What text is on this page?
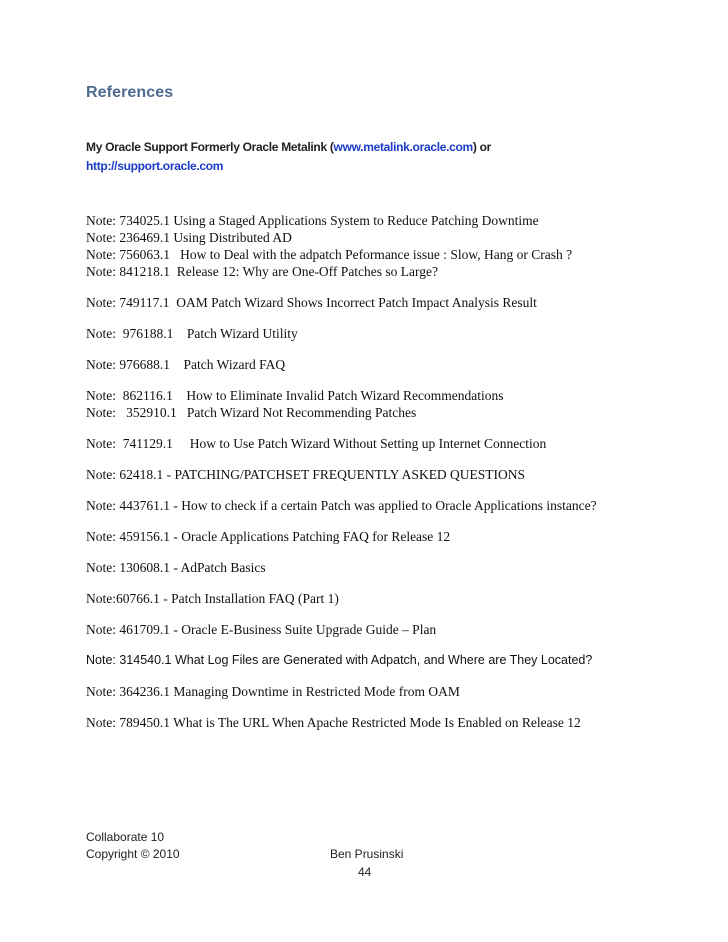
References
My Oracle Support Formerly Oracle Metalink (www.metalink.oracle.com) or
http://support.oracle.com

Note: 734025.1 Using a Staged Applications System to Reduce Patching Downtime

Note: 236469.1 Using Distributed AD

Note: 756063.1   How to Deal with the adpatch Peformance issue : Slow, Hang or Crash ?

Note: 841218.1  Release 12: Why are One-Off Patches so Large?

Note: 749117.1  OAM Patch Wizard Shows Incorrect Patch Impact Analysis Result

Note:  976188.1    Patch Wizard Utility

Note: 976688.1    Patch Wizard FAQ

Note:  862116.1    How to Eliminate Invalid Patch Wizard Recommendations

Note:   352910.1   Patch Wizard Not Recommending Patches

Note:  741129.1     How to Use Patch Wizard Without Setting up Internet Connection

Note: 62418.1 - PATCHING/PATCHSET FREQUENTLY ASKED QUESTIONS

Note: 443761.1 - How to check if a certain Patch was applied to Oracle Applications instance?

Note: 459156.1 - Oracle Applications Patching FAQ for Release 12

Note: 130608.1 - AdPatch Basics

Note:60766.1 - Patch Installation FAQ (Part 1)

Note: 461709.1 - Oracle E-Business Suite Upgrade Guide – Plan

Note: 314540.1 What Log Files are Generated with Adpatch, and Where are They Located?

Note: 364236.1 Managing Downtime in Restricted Mode from OAM

Note: 789450.1 What is The URL When Apache Restricted Mode Is Enabled on Release 12

Collaborate 10
Copyright © 2010	Ben Prusinski
44
